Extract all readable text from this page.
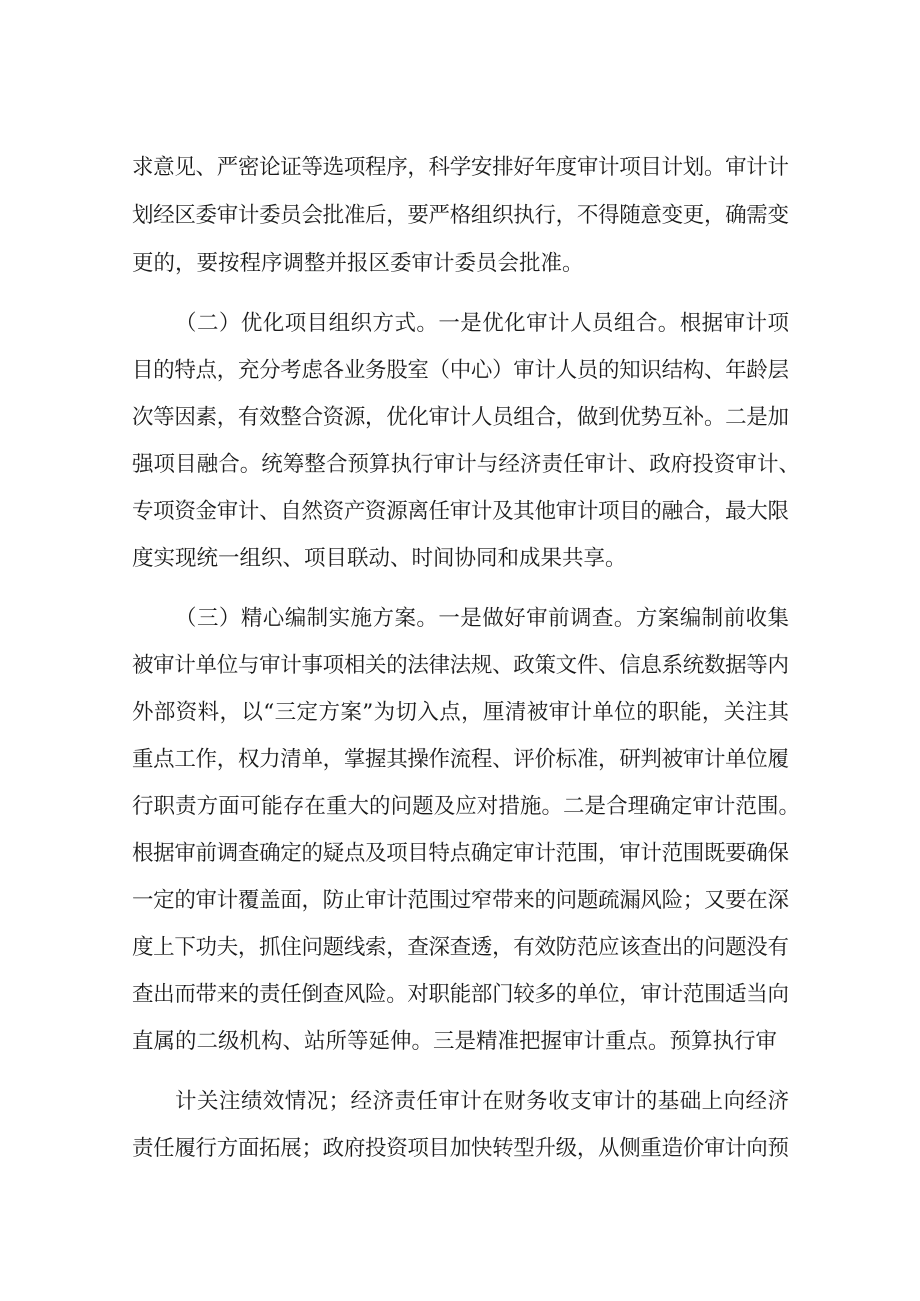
求意见、严密论证等选项程序，科学安排好年度审计项目计划。审计计
划经区委审计委员会批准后，要严格组织执行，不得随意变更，确需变
更的，要按程序调整并报区委审计委员会批准。
（二）优化项目组织方式。一是优化审计人员组合。根据审计项
目的特点，充分考虑各业务股室（中心）审计人员的知识结构、年龄层
次等因素，有效整合资源，优化审计人员组合，做到优势互补。二是加
强项目融合。统筹整合预算执行审计与经济责任审计、政府投资审计、
专项资金审计、自然资产资源离任审计及其他审计项目的融合，最大限
度实现统一组织、项目联动、时间协同和成果共享。
（三）精心编制实施方案。一是做好审前调查。方案编制前收集
被审计单位与审计事项相关的法律法规、政策文件、信息系统数据等内
外部资料，以“三定方案”为切入点，厘清被审计单位的职能，关注其
重点工作，权力清单，掌握其操作流程、评价标准，研判被审计单位履
行职责方面可能存在重大的问题及应对措施。二是合理确定审计范围。
根据审前调查确定的疑点及项目特点确定审计范围，审计范围既要确保
一定的审计覆盖面，防止审计范围过窄带来的问题疏漏风险；又要在深
度上下功夫，抓住问题线索，查深查透，有效防范应该查出的问题没有
查出而带来的责任倒查风险。对职能部门较多的单位，审计范围适当向
直属的二级机构、站所等延伸。三是精准把握审计重点。预算执行审
计关注绩效情况；经济责任审计在财务收支审计的基础上向经济
责任履行方面拓展；政府投资项目加快转型升级，从侧重造价审计向预
